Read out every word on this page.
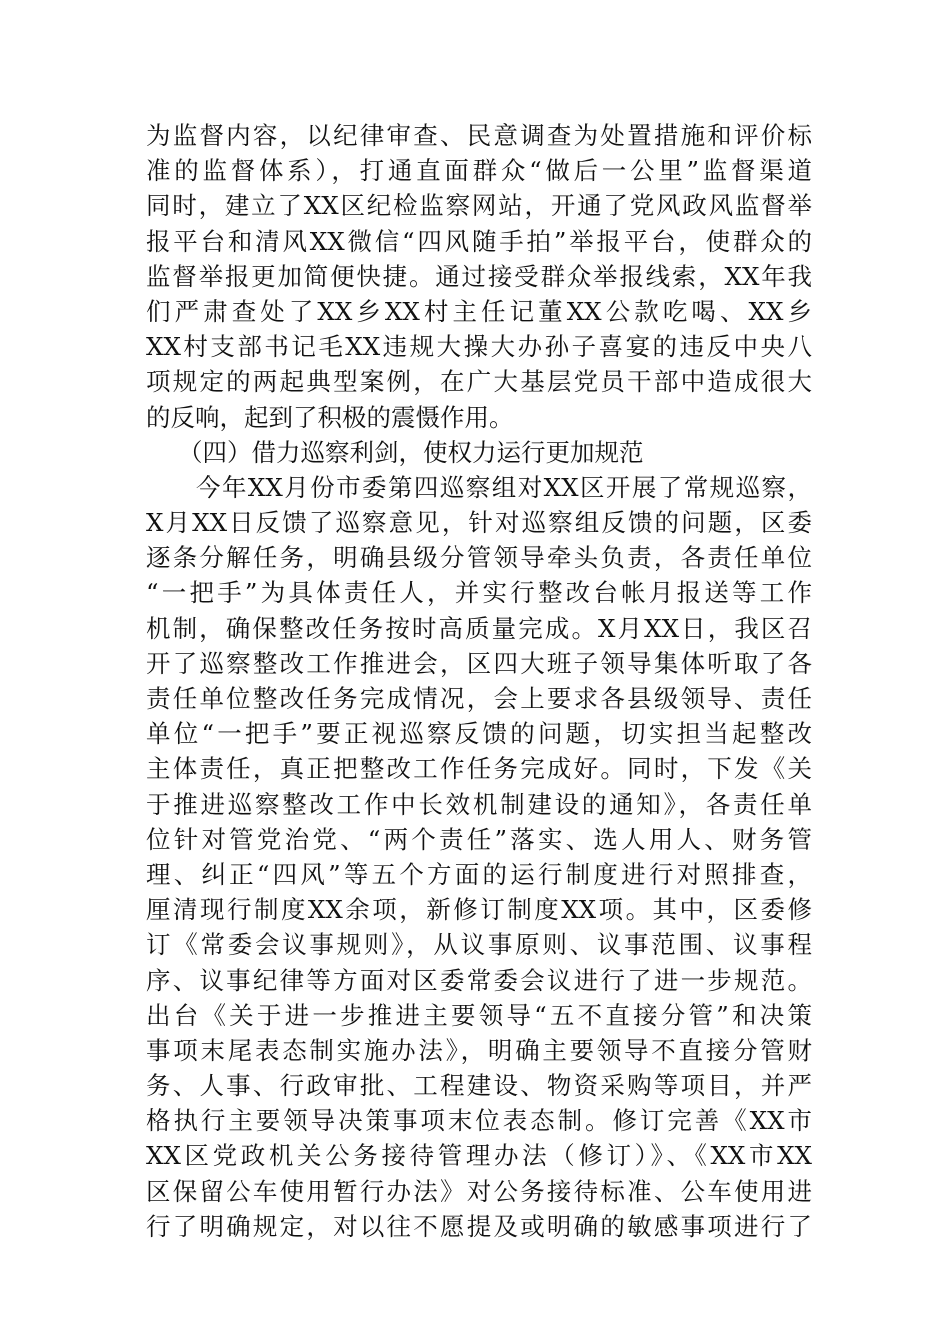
为监督内容，以纪律审查、民意调查为处置措施和评价标
准的监督体系），打通直面群众“做后一公里”监督渠道
同时，建立了XX区纪检监察网站，开通了党风政风监督举
报平台和清风XX微信“四风随手拍”举报平台，使群众的
监督举报更加简便快捷。通过接受群众举报线索，XX年我
们严肃查处了XX乡XX村主任记董XX公款吃喝、XX乡
XX村支部书记毛XX违规大操大办孙子喜宴的违反中央八
项规定的两起典型案例，在广大基层党员干部中造成很大
的反响，起到了积极的震慑作用。
（四）借力巡察利剑，使权力运行更加规范
今年XX月份市委第四巡察组对XX区开展了常规巡察，
X月XX日反馈了巡察意见，针对巡察组反馈的问题，区委
逐条分解任务，明确县级分管领导牵头负责，各责任单位
“一把手”为具体责任人，并实行整改台帐月报送等工作
机制，确保整改任务按时高质量完成。X月XX日，我区召
开了巡察整改工作推进会，区四大班子领导集体听取了各
责任单位整改任务完成情况，会上要求各县级领导、责任
单位“一把手”要正视巡察反馈的问题，切实担当起整改
主体责任，真正把整改工作任务完成好。同时，下发《关
于推进巡察整改工作中长效机制建设的通知》，各责任单
位针对管党治党、“两个责任”落实、选人用人、财务管
理、纠正“四风”等五个方面的运行制度进行对照排查，
厘清现行制度XX余项，新修订制度XX项。其中，区委修
订《常委会议事规则》，从议事原则、议事范围、议事程
序、议事纪律等方面对区委常委会议进行了进一步规范。
出台《关于进一步推进主要领导“五不直接分管”和决策
事项末尾表态制实施办法》，明确主要领导不直接分管财
务、人事、行政审批、工程建设、物资采购等项目，并严
格执行主要领导决策事项末位表态制。修订完善《XX市
XX区党政机关公务接待管理办法（修订）》、《XX市XX
区保留公车使用暂行办法》对公务接待标准、公车使用进
行了明确规定，对以往不愿提及或明确的敏感事项进行了
